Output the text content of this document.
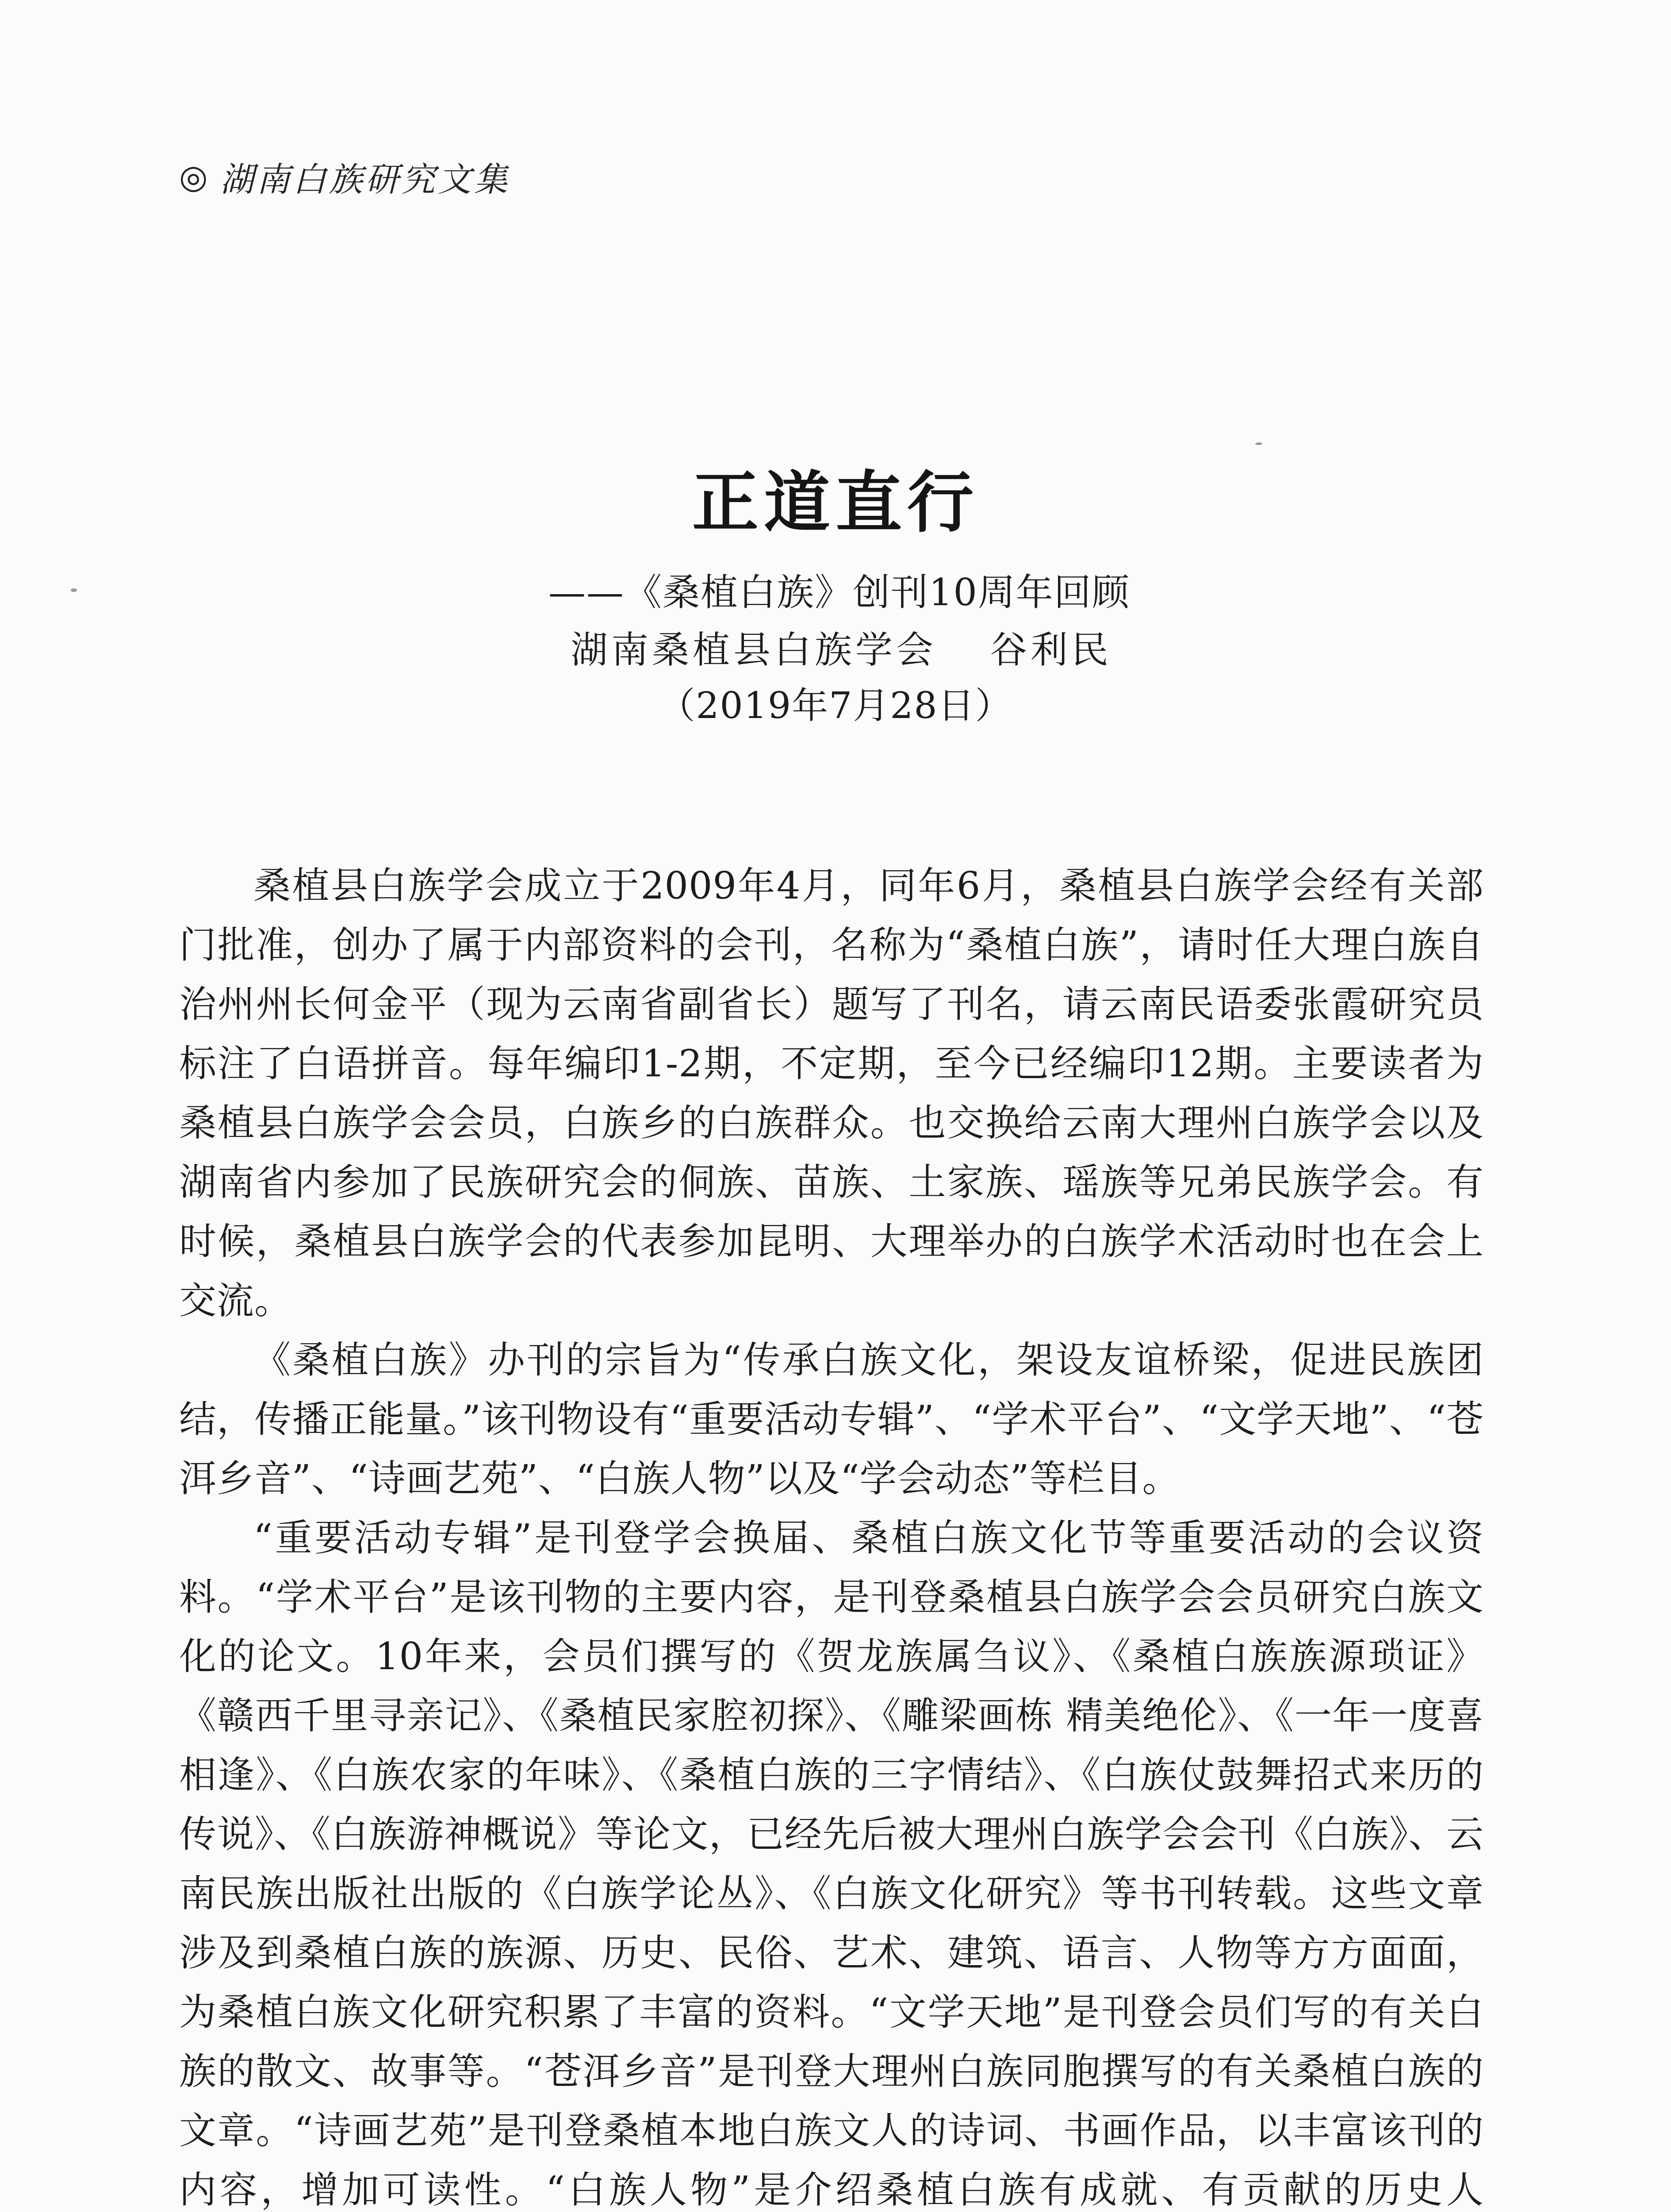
◎ 湖南白族研究文集
正道直行
——《桑植白族》创刊10周年回顾
湖南桑植县白族学会 谷利民
（2019年7月28日）

桑植县白族学会成立于2009年4月，同年6月，桑植县白族学会经有关部门批准，创办了属于内部资料的会刊，名称为“桑植白族”，请时任大理白族自治州州长何金平（现为云南省副省长）题写了刊名，请云南民语委张霞研究员标注了白语拼音。每年编印1-2期，不定期，至今已经编印12期。主要读者为桑植县白族学会会员，白族乡的白族群众。也交换给云南大理州白族学会以及湖南省内参加了民族研究会的侗族、苗族、土家族、瑶族等兄弟民族学会。有时候，桑植县白族学会的代表参加昆明、大理举办的白族学术活动时也在会上交流。

《桑植白族》办刊的宗旨为“传承白族文化，架设友谊桥梁，促进民族团结，传播正能量。”该刊物设有“重要活动专辑”、“学术平台”、“文学天地”、“苍洱乡音”、“诗画艺苑”、“白族人物”以及“学会动态”等栏目。

“重要活动专辑”是刊登学会换届、桑植白族文化节等重要活动的会议资料。“学术平台”是该刊物的主要内容，是刊登桑植县白族学会会员研究白族文化的论文。10年来，会员们撰写的《贺龙族属刍议》、《桑植白族族源琐证》《赣西千里寻亲记》、《桑植民家腔初探》、《雕梁画栋 精美绝伦》、《一年一度喜相逢》、《白族农家的年味》、《桑植白族的三字情结》、《白族仗鼓舞招式来历的传说》、《白族游神概说》等论文，已经先后被大理州白族学会会刊《白族》、云南民族出版社出版的《白族学论丛》、《白族文化研究》等书刊转载。这些文章涉及到桑植白族的族源、历史、民俗、艺术、建筑、语言、人物等方方面面，为桑植白族文化研究积累了丰富的资料。“文学天地”是刊登会员们写的有关白族的散文、故事等。“苍洱乡音”是刊登大理州白族同胞撰写的有关桑植白族的文章。“诗画艺苑”是刊登桑植本地白族文人的诗词、书画作品，以丰富该刊的内容，增加可读性。“白族人物”是介绍桑植白族有成就、有贡献的历史人
